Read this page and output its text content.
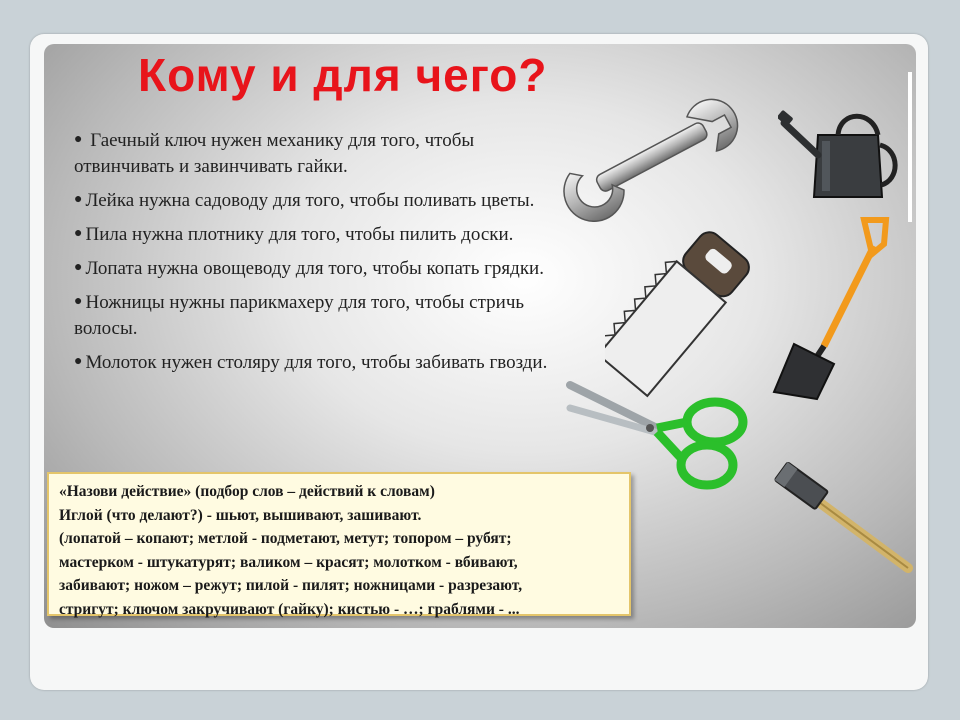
Кому и для чего?
● Гаечный ключ нужен механику для того, чтобы отвинчивать и завинчивать гайки.
● Лейка нужна садоводу для того, чтобы поливать цветы.
● Пила нужна плотнику для того, чтобы пилить доски.
● Лопата нужна овощеводу для того, чтобы копать грядки.
● Ножницы нужны парикмахеру для того, чтобы стричь волосы.
● Молоток нужен столяру для того, чтобы забивать гвозди.

«Назови действие» (подбор слов – действий к словам)

Иглой (что делают?) - шьют, вышивают, зашивают.

(лопатой – копают; метлой - подметают, метут; топором – рубят;

мастерком - штукатурят; валиком – красят; молотком - вбивают,

забивают; ножом – режут; пилой - пилят; ножницами - разрезают,

стригут; ключом закручивают (гайку); кистью - …; граблями - ...
